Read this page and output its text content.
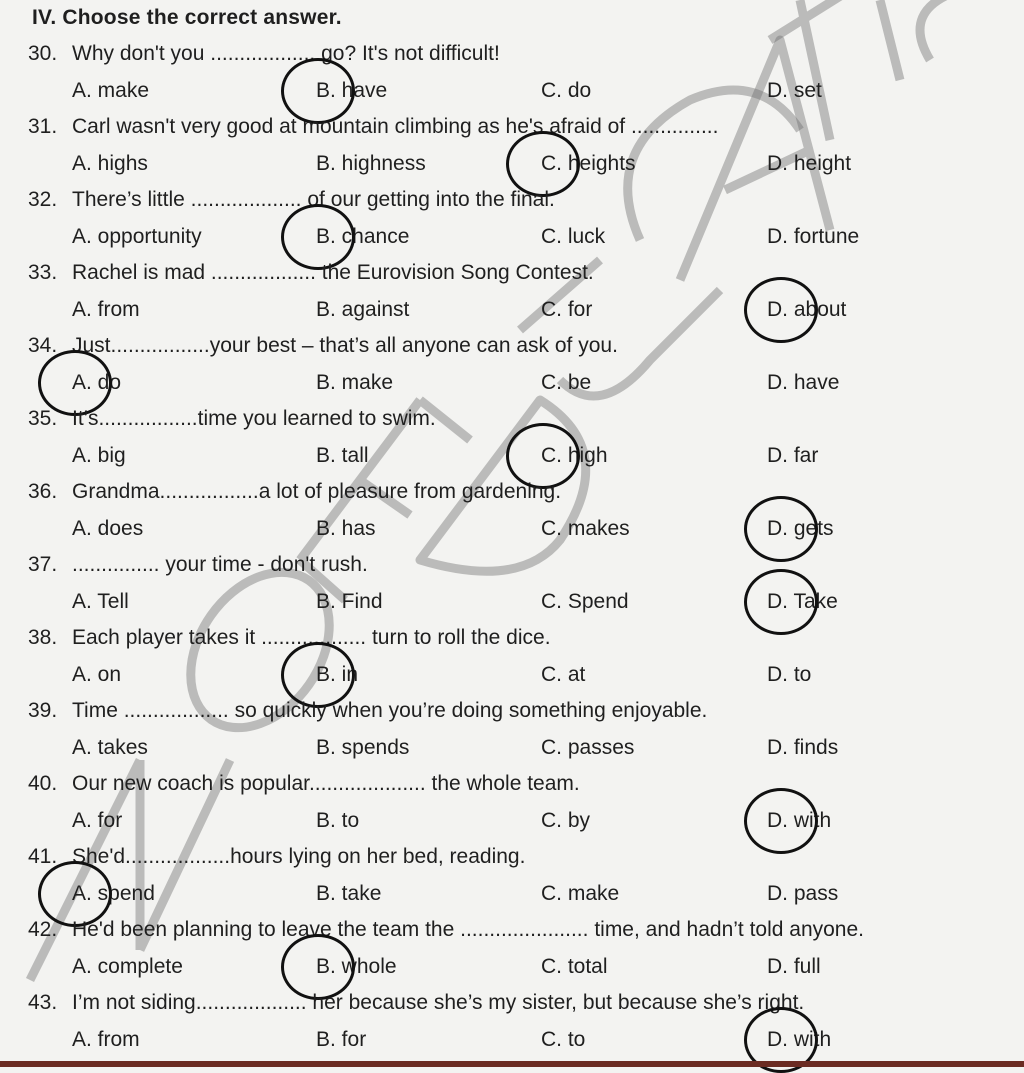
IV. Choose the correct answer.
30. Why don't you .................. go? It's not difficult!
A. make	B. have	C. do	D. set
31. Carl wasn't very good at mountain climbing as he's afraid of ...............
A. highs	B. highness	C. heights	D. height
32. There’s little ................... of our getting into the final.
A. opportunity	B. chance	C. luck	D. fortune
33. Rachel is mad .................. the Eurovision Song Contest.
A. from	B. against	C. for	D. about
34. Just.................your best – that’s all anyone can ask of you.
A. do	B. make	C. be	D. have
35. It’s.................time you learned to swim.
A. big	B. tall	C. high	D. far
36. Grandma.................a lot of pleasure from gardening.
A. does	B. has	C. makes	D. gets
37. ............... your time - don't rush.
A. Tell	B. Find	C. Spend	D. Take
38. Each player takes it .................. turn to roll the dice.
A. on	B. in	C. at	D. to
39. Time .................. so quickly when you’re doing something enjoyable.
A. takes	B. spends	C. passes	D. finds
40. Our new coach is popular.................... the whole team.
A. for	B. to	C. by	D. with
41. She'd..................hours lying on her bed, reading.
A. spend	B. take	C. make	D. pass
42. He'd been planning to leave the team the ...................... time, and hadn’t told anyone.
A. complete	B. whole	C. total	D. full
43. I’m not siding................... her because she’s my sister, but because she’s right.
A. from	B. for	C. to	D. with
